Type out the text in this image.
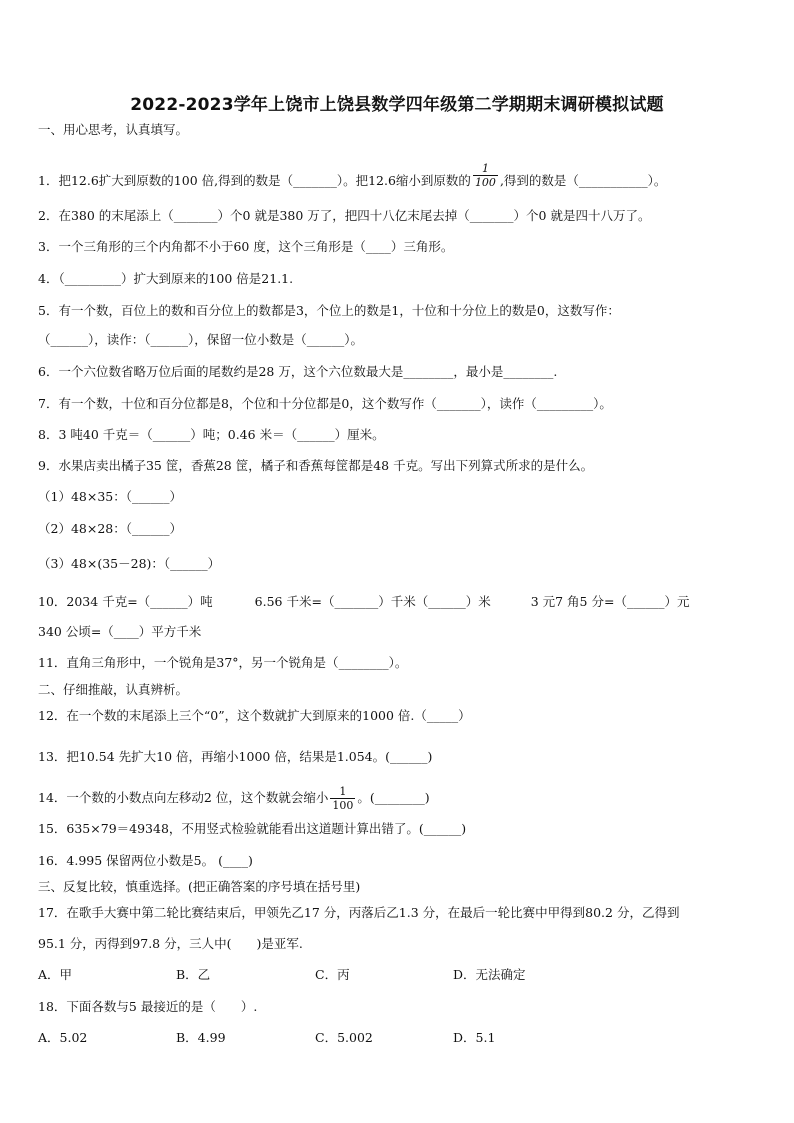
2022-2023学年上饶市上饶县数学四年级第二学期期末调研模拟试题
一、用心思考，认真填写。
1．把12.6扩大到原数的100 倍,得到的数是（_______）。把12.6缩小到原数的 $\frac{1}{100}$ ,得到的数是（___________）。
2．在380 的末尾添上（_______）个0 就是380 万了，把四十八亿末尾去掉（_______）个0 就是四十八万了。
3．一个三角形的三个内角都不小于60 度，这个三角形是（____）三角形。
4．（_________）扩大到原来的100 倍是21.1.
5．有一个数，百位上的数和百分位上的数都是3，个位上的数是1，十位和十分位上的数是0，这数写作：
（______），读作：（______），保留一位小数是（______）。
6．一个六位数省略万位后面的尾数约是28 万，这个六位数最大是________，最小是________.
7．有一个数，十位和百分位都是8，个位和十分位都是0，这个数写作（_______），读作（_________）。
8．3 吨40 千克＝（______）吨；0.46 米＝（______）厘米。
9．水果店卖出橘子35 筐，香蕉28 筐，橘子和香蕉每筐都是48 千克。写出下列算式所求的是什么。
（1）48×35：（______）
（2）48×28：（______）
（3）48×(35－28)：（______）
10．2034 千克=（______）吨	6.56 千米=（_______）千米（______）米	3 元7 角5 分=（______）元
340 公顷=（____）平方千米
11．直角三角形中，一个锐角是37°，另一个锐角是（________）。
二、仔细推敲，认真辨析。
12．在一个数的末尾添上三个“0”，这个数就扩大到原来的1000 倍.（_____）
13．把10.54 先扩大10 倍，再缩小1000 倍，结果是1.054。(______)
14．一个数的小数点向左移动2 位，这个数就会缩小 $\frac{1}{100}$ 。(________)
15．635×79＝49348，不用竖式检验就能看出这道题计算出错了。(______)
16．4.995 保留两位小数是5。 (____)
三、反复比较，慎重选择。(把正确答案的序号填在括号里)
17．在歌手大赛中第二轮比赛结束后，甲领先乙17 分，丙落后乙1.3 分，在最后一轮比赛中甲得到80.2 分，乙得到
95.1 分，丙得到97.8 分，三人中(　　)是亚军.
A．甲	B．乙	C．丙	D．无法确定
18．下面各数与5 最接近的是（　　）.
A．5.02	B．4.99	C．5.002	D．5.1
